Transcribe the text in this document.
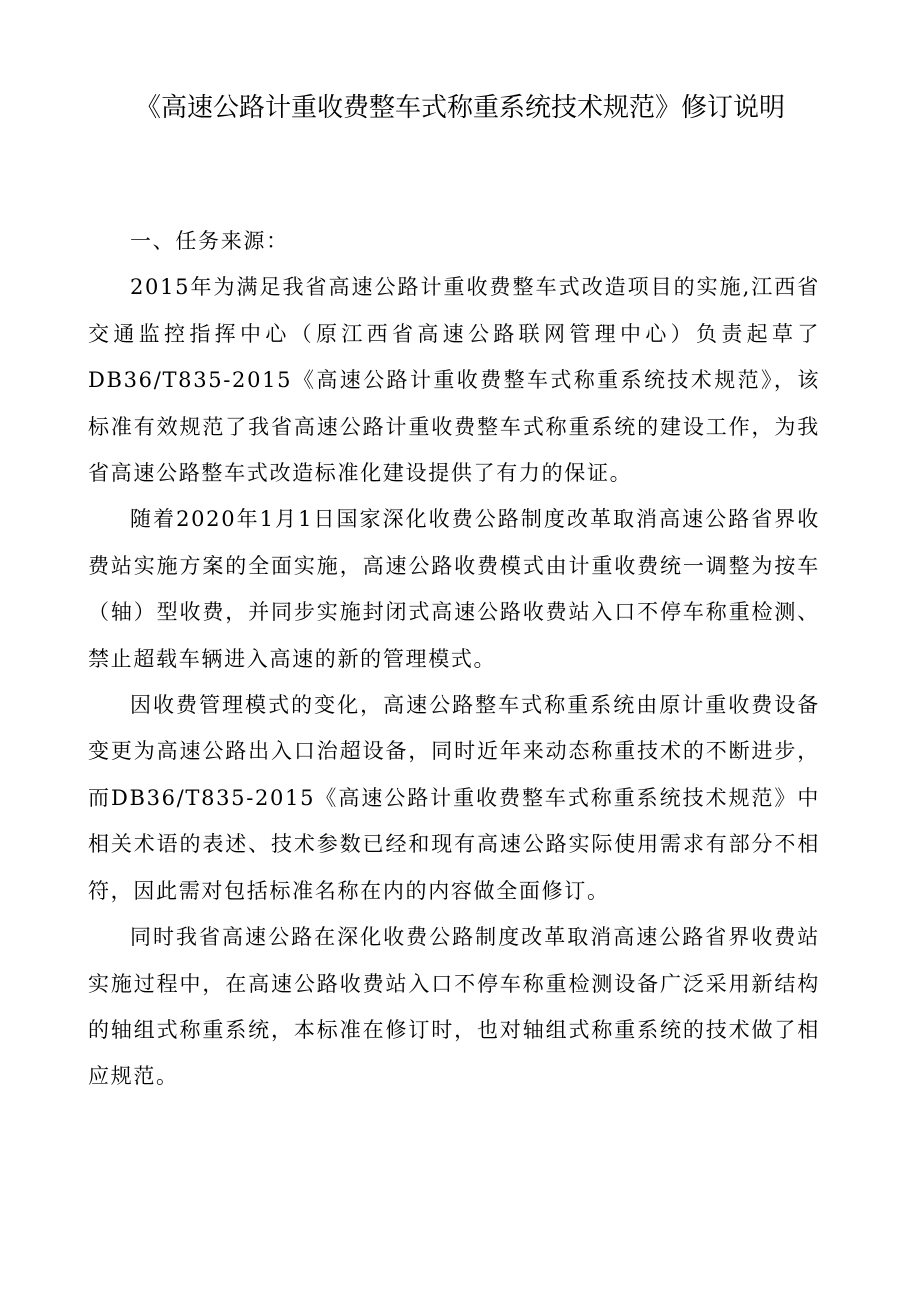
《高速公路计重收费整车式称重系统技术规范》修订说明

一、任务来源：

2015年为满足我省高速公路计重收费整车式改造项目的实施,江西省交通监控指挥中心（原江西省高速公路联网管理中心）负责起草了DB36/T835-2015《高速公路计重收费整车式称重系统技术规范》，该标准有效规范了我省高速公路计重收费整车式称重系统的建设工作，为我省高速公路整车式改造标准化建设提供了有力的保证。

随着2020年1月1日国家深化收费公路制度改革取消高速公路省界收费站实施方案的全面实施，高速公路收费模式由计重收费统一调整为按车（轴）型收费，并同步实施封闭式高速公路收费站入口不停车称重检测、禁止超载车辆进入高速的新的管理模式。

因收费管理模式的变化，高速公路整车式称重系统由原计重收费设备变更为高速公路出入口治超设备，同时近年来动态称重技术的不断进步，而DB36/T835-2015《高速公路计重收费整车式称重系统技术规范》中相关术语的表述、技术参数已经和现有高速公路实际使用需求有部分不相符，因此需对包括标准名称在内的内容做全面修订。

同时我省高速公路在深化收费公路制度改革取消高速公路省界收费站实施过程中，在高速公路收费站入口不停车称重检测设备广泛采用新结构的轴组式称重系统，本标准在修订时，也对轴组式称重系统的技术做了相应规范。
